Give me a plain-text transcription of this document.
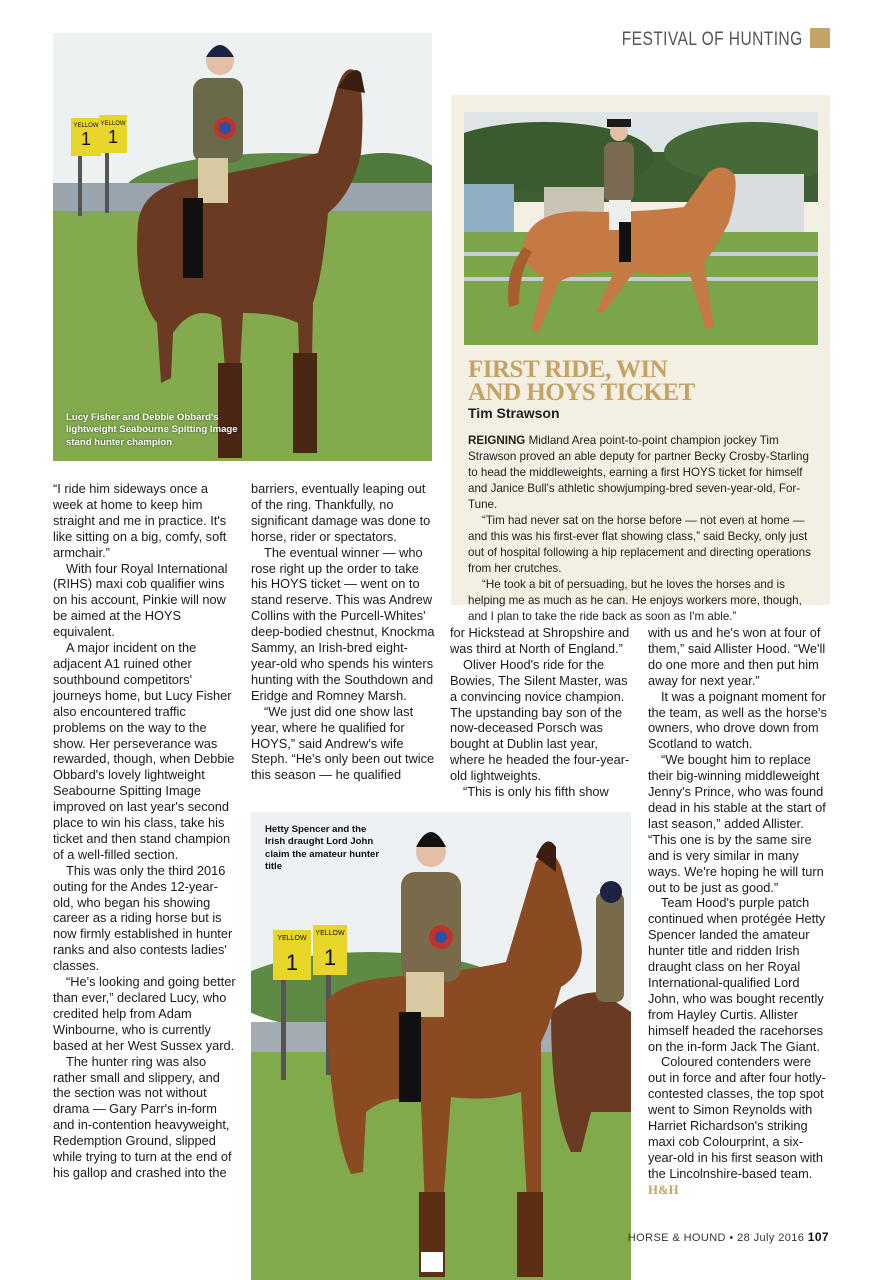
FESTIVAL OF HUNTING
1 1
YELLOW YELLOW
Lucy Fisher and Debbie Obbard's lightweight Seabourne Spitting Image stand hunter champion
FIRST RIDE, WIN
AND HOYS TICKET
Tim Strawson

REIGNING Midland Area point-to-point champion jockey Tim Strawson proved an able deputy for partner Becky Crosby-Starling to head the middleweights, earning a first HOYS ticket for himself and Janice Bull's athletic showjumping-bred seven-year-old, For-Tune.

“Tim had never sat on the horse before — not even at home — and this was his first-ever flat showing class,” said Becky, only just out of hospital following a hip replacement and directing operations from her crutches.

“He took a bit of persuading, but he loves the horses and is helping me as much as he can. He enjoys workers more, though, and I plan to take the ride back as soon as I'm able.”

“I ride him sideways once a week at home to keep him straight and me in practice. It's like sitting on a big, comfy, soft armchair.”

With four Royal International (RIHS) maxi cob qualifier wins on his account, Pinkie will now be aimed at the HOYS equivalent.

A major incident on the adjacent A1 ruined other southbound competitors' journeys home, but Lucy Fisher also encountered traffic problems on the way to the show. Her perseverance was rewarded, though, when Debbie Obbard's lovely lightweight Seabourne Spitting Image improved on last year's second place to win his class, take his ticket and then stand champion of a well-filled section.

This was only the third 2016 outing for the Andes 12-year-old, who began his showing career as a riding horse but is now firmly established in hunter ranks and also contests ladies' classes.

“He's looking and going better than ever,” declared Lucy, who credited help from Adam Winbourne, who is currently based at her West Sussex yard.

The hunter ring was also rather small and slippery, and the section was not without drama — Gary Parr's in-form and in-contention heavyweight, Redemption Ground, slipped while trying to turn at the end of his gallop and crashed into the

barriers, eventually leaping out of the ring. Thankfully, no significant damage was done to horse, rider or spectators.

The eventual winner — who rose right up the order to take his HOYS ticket — went on to stand reserve. This was Andrew Collins with the Purcell-Whites' deep-bodied chestnut, Knockma Sammy, an Irish-bred eight-year-old who spends his winters hunting with the Southdown and Eridge and Romney Marsh.

“We just did one show last year, where he qualified for HOYS,” said Andrew's wife Steph. “He's only been out twice this season — he qualified

for Hickstead at Shropshire and was third at North of England.”

Oliver Hood's ride for the Bowies, The Silent Master, was a convincing novice champion. The upstanding bay son of the now-deceased Porsch was bought at Dublin last year, where he headed the four-year-old lightweights.

“This is only his fifth show

with us and he's won at four of them,” said Allister Hood. “We'll do one more and then put him away for next year.”

It was a poignant moment for the team, as well as the horse's owners, who drove down from Scotland to watch.

“We bought him to replace their big-winning middleweight Jenny's Prince, who was found dead in his stable at the start of last season,” added Allister. “This one is by the same sire and is very similar in many ways. We're hoping he will turn out to be just as good.”

Team Hood's purple patch continued when protégée Hetty Spencer landed the amateur hunter title and ridden Irish draught class on her Royal International-qualified Lord John, who was bought recently from Hayley Curtis. Allister himself headed the racehorses on the in-form Jack The Giant.

Coloured contenders were out in force and after four hotly-contested classes, the top spot went to Simon Reynolds with Harriet Richardson's striking maxi cob Colourprint, a six-year-old in his first season with the Lincolnshire-based team. H&H

YELLOW
YELLOW
1 1
Hetty Spencer and the Irish draught Lord John claim the amateur hunter title
HORSE & HOUND • 28 July 2016 107
